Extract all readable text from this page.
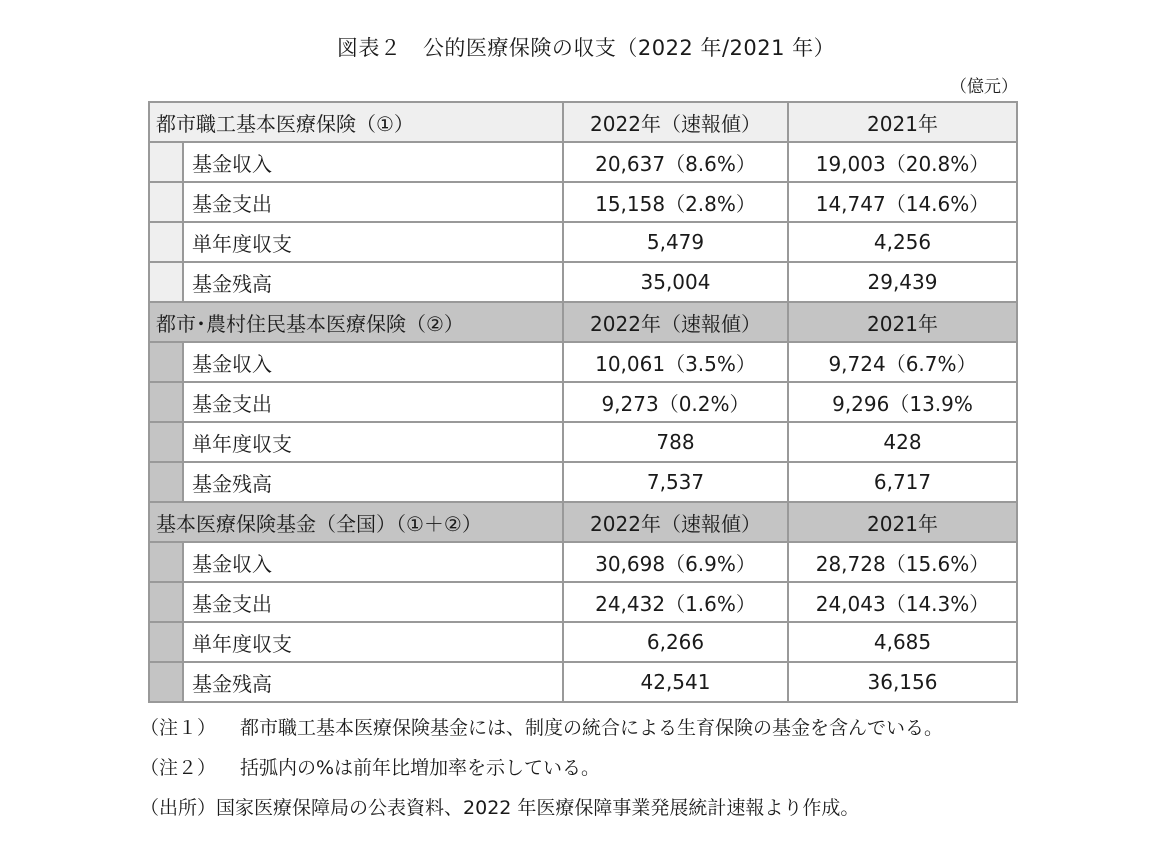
図表２　公的医療保険の収支（2022 年/2021 年）
（億元）
都市職工基本医療保険（①）	2022年（速報値）	2021年
基金収入	20,637（8.6%）	19,003（20.8%）
基金支出	15,158（2.8%）	14,747（14.6%）
単年度収支	5,479	4,256
基金残高	35,004	29,439
都市･農村住民基本医療保険（②）	2022年（速報値）	2021年
基金収入	10,061（3.5%）	9,724（6.7%）
基金支出	9,273（0.2%）	9,296（13.9%
単年度収支	788	428
基金残高	7,537	6,717
基本医療保険基金（全国）（①＋②）	2022年（速報値）	2021年
基金収入	30,698（6.9%）	28,728（15.6%）
基金支出	24,432（1.6%）	24,043（14.3%）
単年度収支	6,266	4,685
基金残高	42,541	36,156
（注１）	都市職工基本医療保険基金には、制度の統合による生育保険の基金を含んでいる。
（注２）	括弧内の%は前年比増加率を示している。
（出所） 国家医療保障局の公表資料、2022 年医療保障事業発展統計速報より作成。
